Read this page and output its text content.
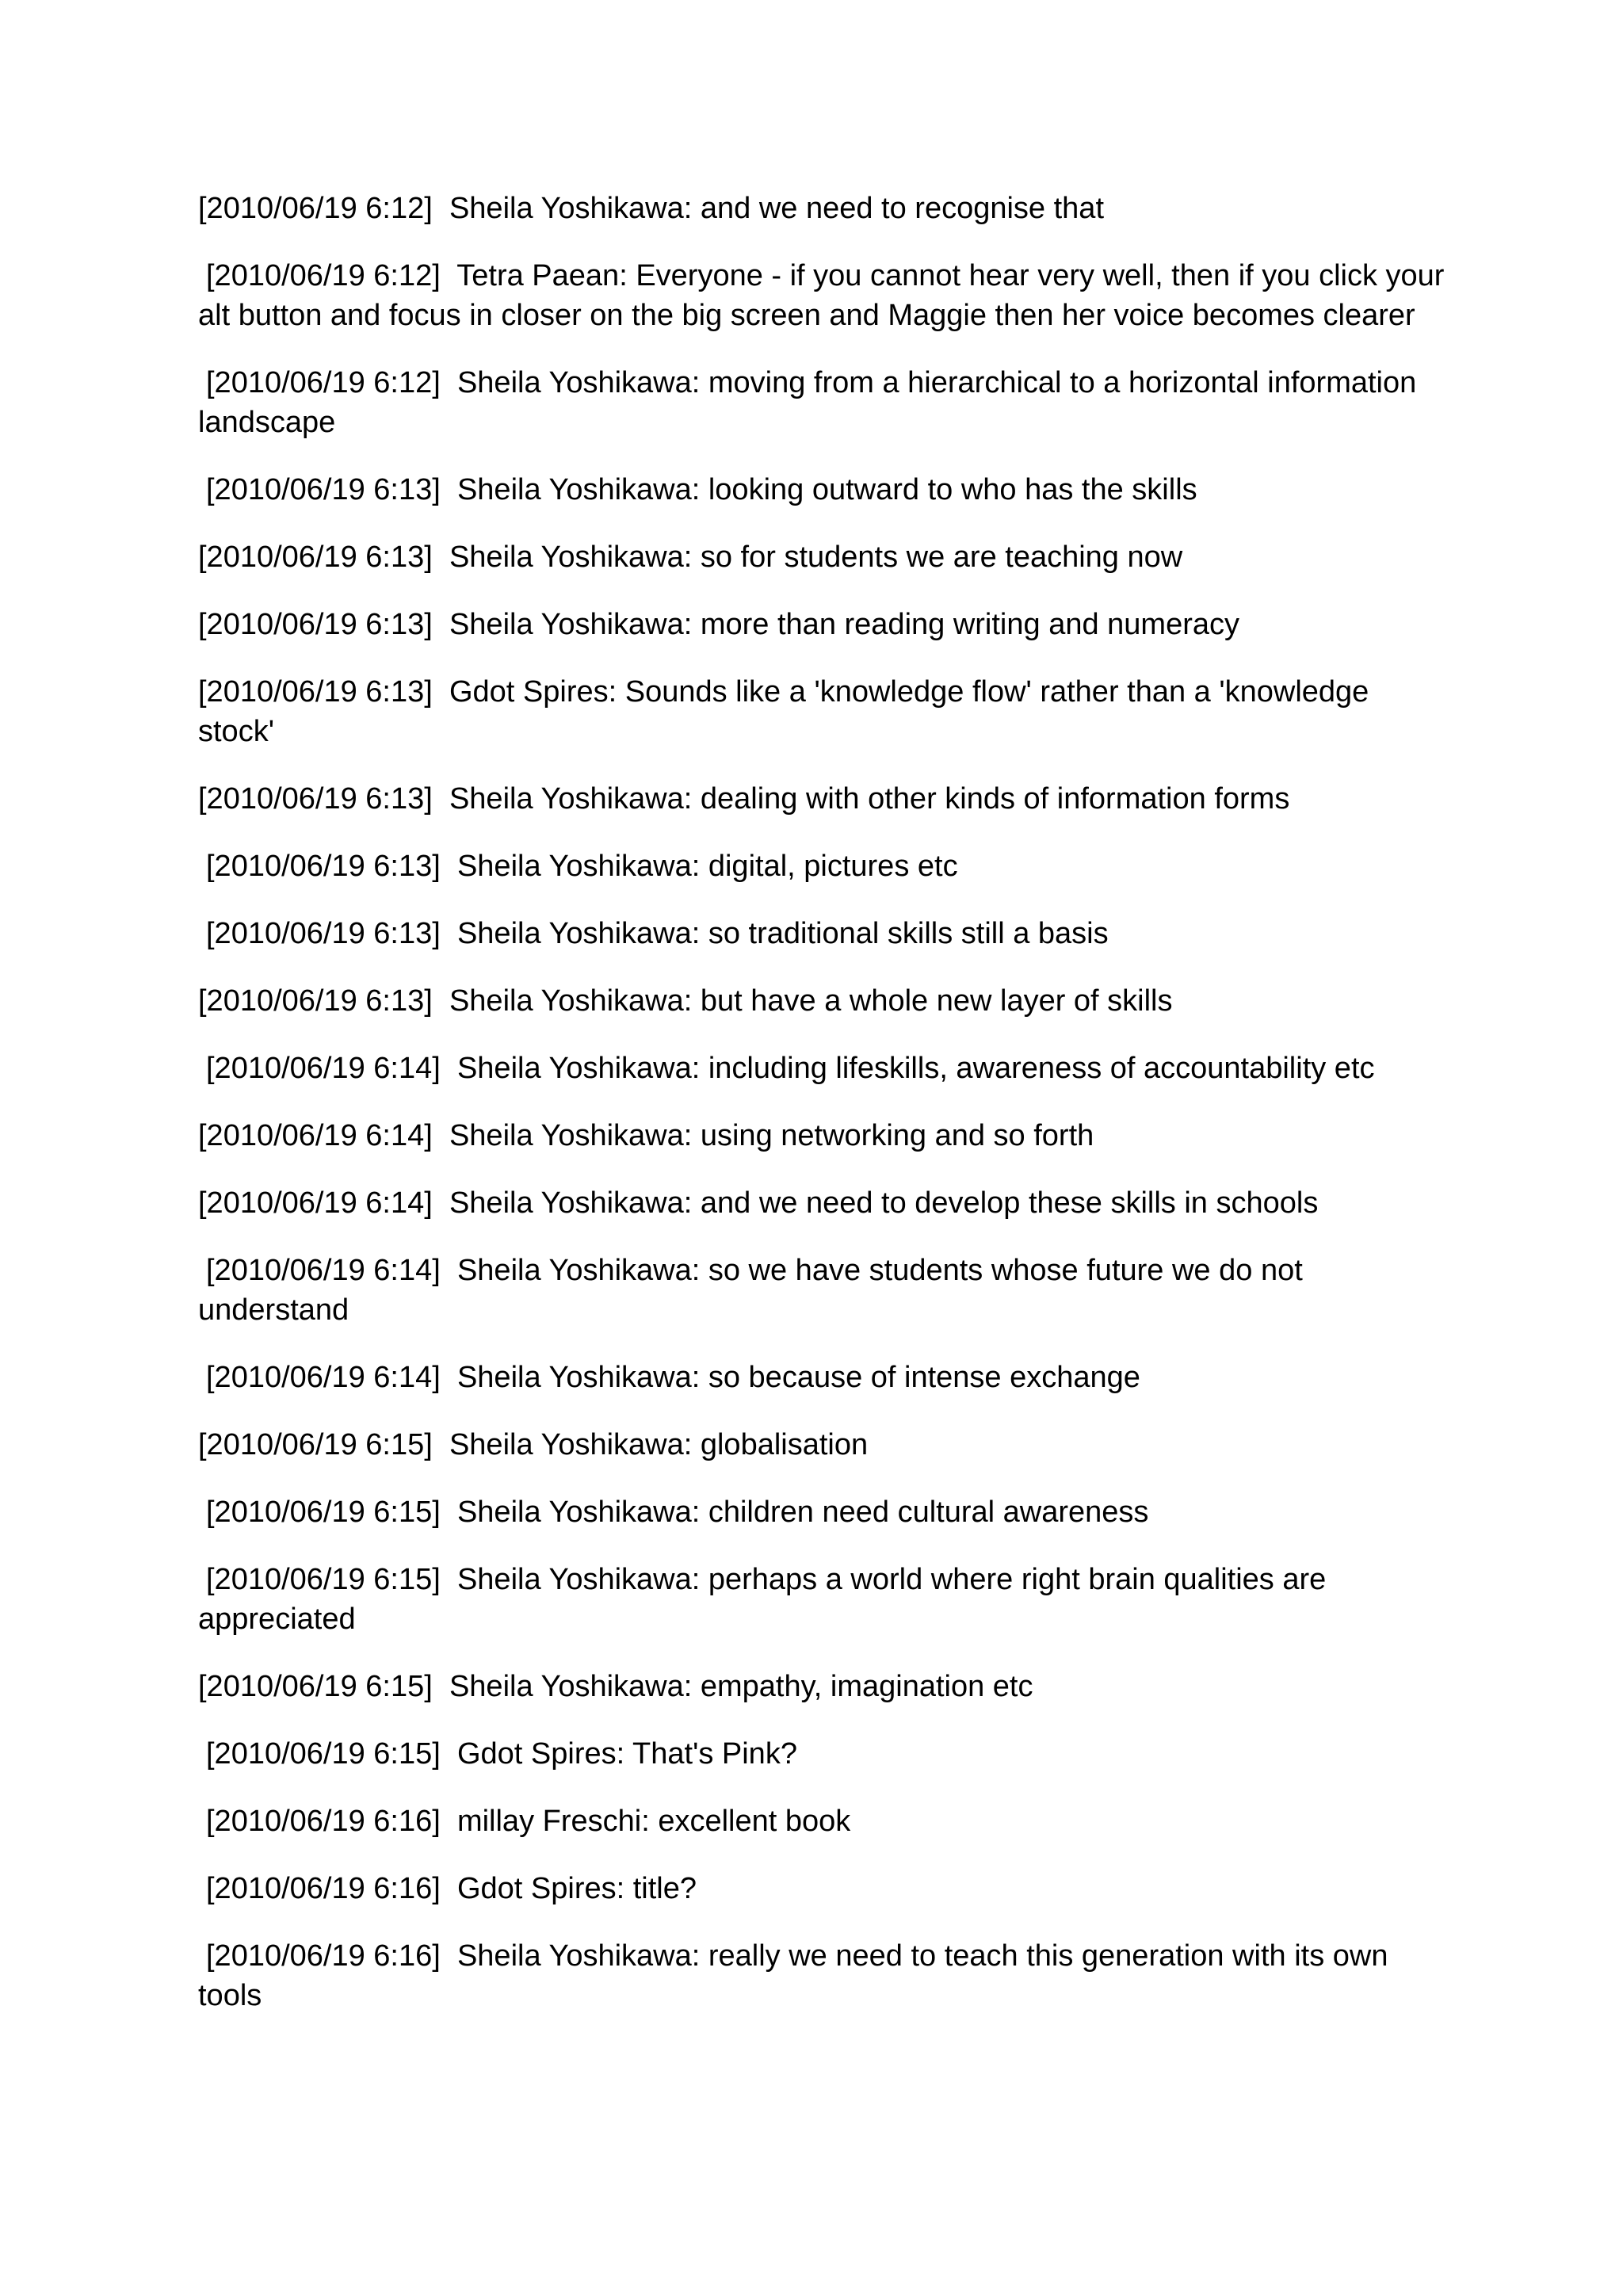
[2010/06/19 6:12] Sheila Yoshikawa: and we need to recognise that

[2010/06/19 6:12] Tetra Paean: Everyone - if you cannot hear very well, then if you click your alt button and focus in closer on the big screen and Maggie then her voice becomes clearer

[2010/06/19 6:12] Sheila Yoshikawa: moving from a hierarchical to a horizontal information landscape

[2010/06/19 6:13] Sheila Yoshikawa: looking outward to who has the skills

[2010/06/19 6:13] Sheila Yoshikawa: so for students we are teaching now

[2010/06/19 6:13] Sheila Yoshikawa: more than reading writing and numeracy

[2010/06/19 6:13] Gdot Spires: Sounds like a 'knowledge flow' rather than a 'knowledge stock'

[2010/06/19 6:13] Sheila Yoshikawa: dealing with other kinds of information forms

[2010/06/19 6:13] Sheila Yoshikawa: digital, pictures etc

[2010/06/19 6:13] Sheila Yoshikawa: so traditional skills still a basis

[2010/06/19 6:13] Sheila Yoshikawa: but have a whole new layer of skills

[2010/06/19 6:14] Sheila Yoshikawa: including lifeskills, awareness of accountability etc

[2010/06/19 6:14] Sheila Yoshikawa: using networking and so forth

[2010/06/19 6:14] Sheila Yoshikawa: and we need to develop these skills in schools

[2010/06/19 6:14] Sheila Yoshikawa: so we have students whose future we do not understand

[2010/06/19 6:14] Sheila Yoshikawa: so because of intense exchange

[2010/06/19 6:15] Sheila Yoshikawa: globalisation

[2010/06/19 6:15] Sheila Yoshikawa: children need cultural awareness

[2010/06/19 6:15] Sheila Yoshikawa: perhaps a world where right brain qualities are appreciated

[2010/06/19 6:15] Sheila Yoshikawa: empathy, imagination etc

[2010/06/19 6:15] Gdot Spires: That's Pink?

[2010/06/19 6:16] millay Freschi: excellent book

[2010/06/19 6:16] Gdot Spires: title?

[2010/06/19 6:16] Sheila Yoshikawa: really we need to teach this generation with its own tools
